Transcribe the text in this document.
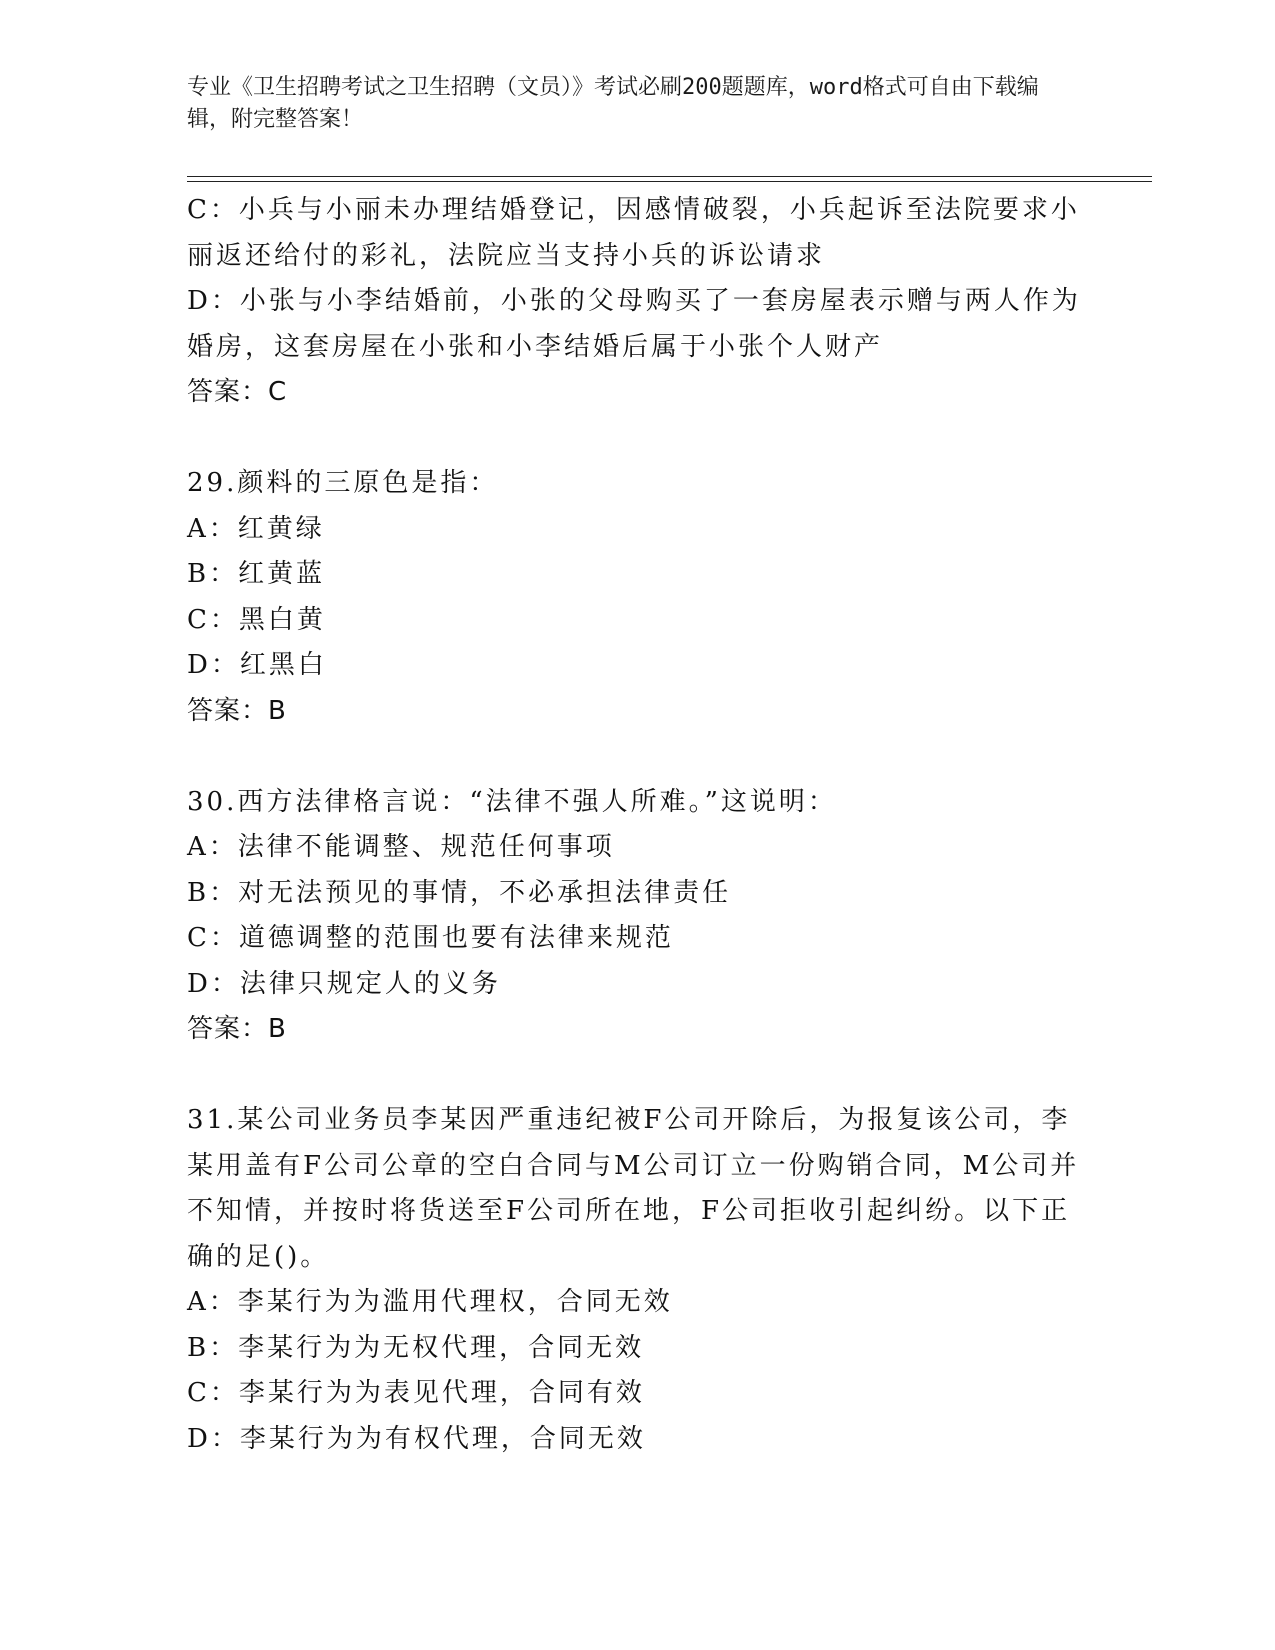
专业《卫生招聘考试之卫生招聘（文员）》考试必刷200题题库，word格式可自由下载编辑，附完整答案！

C：小兵与小丽未办理结婚登记，因感情破裂，小兵起诉至法院要求小丽返还给付的彩礼，法院应当支持小兵的诉讼请求

D：小张与小李结婚前，小张的父母购买了一套房屋表示赠与两人作为婚房，这套房屋在小张和小李结婚后属于小张个人财产

答案：C

29.颜料的三原色是指：

A：红黄绿

B：红黄蓝

C：黑白黄

D：红黑白

答案：B

30.西方法律格言说：“法律不强人所难。”这说明：

A：法律不能调整、规范任何事项

B：对无法预见的事情，不必承担法律责任

C：道德调整的范围也要有法律来规范

D：法律只规定人的义务

答案：B

31.某公司业务员李某因严重违纪被F公司开除后，为报复该公司，李某用盖有F公司公章的空白合同与M公司订立一份购销合同，M公司并不知情，并按时将货送至F公司所在地，F公司拒收引起纠纷。以下正确的足()。

A：李某行为为滥用代理权，合同无效

B：李某行为为无权代理，合同无效

C：李某行为为表见代理，合同有效

D：李某行为为有权代理，合同无效
